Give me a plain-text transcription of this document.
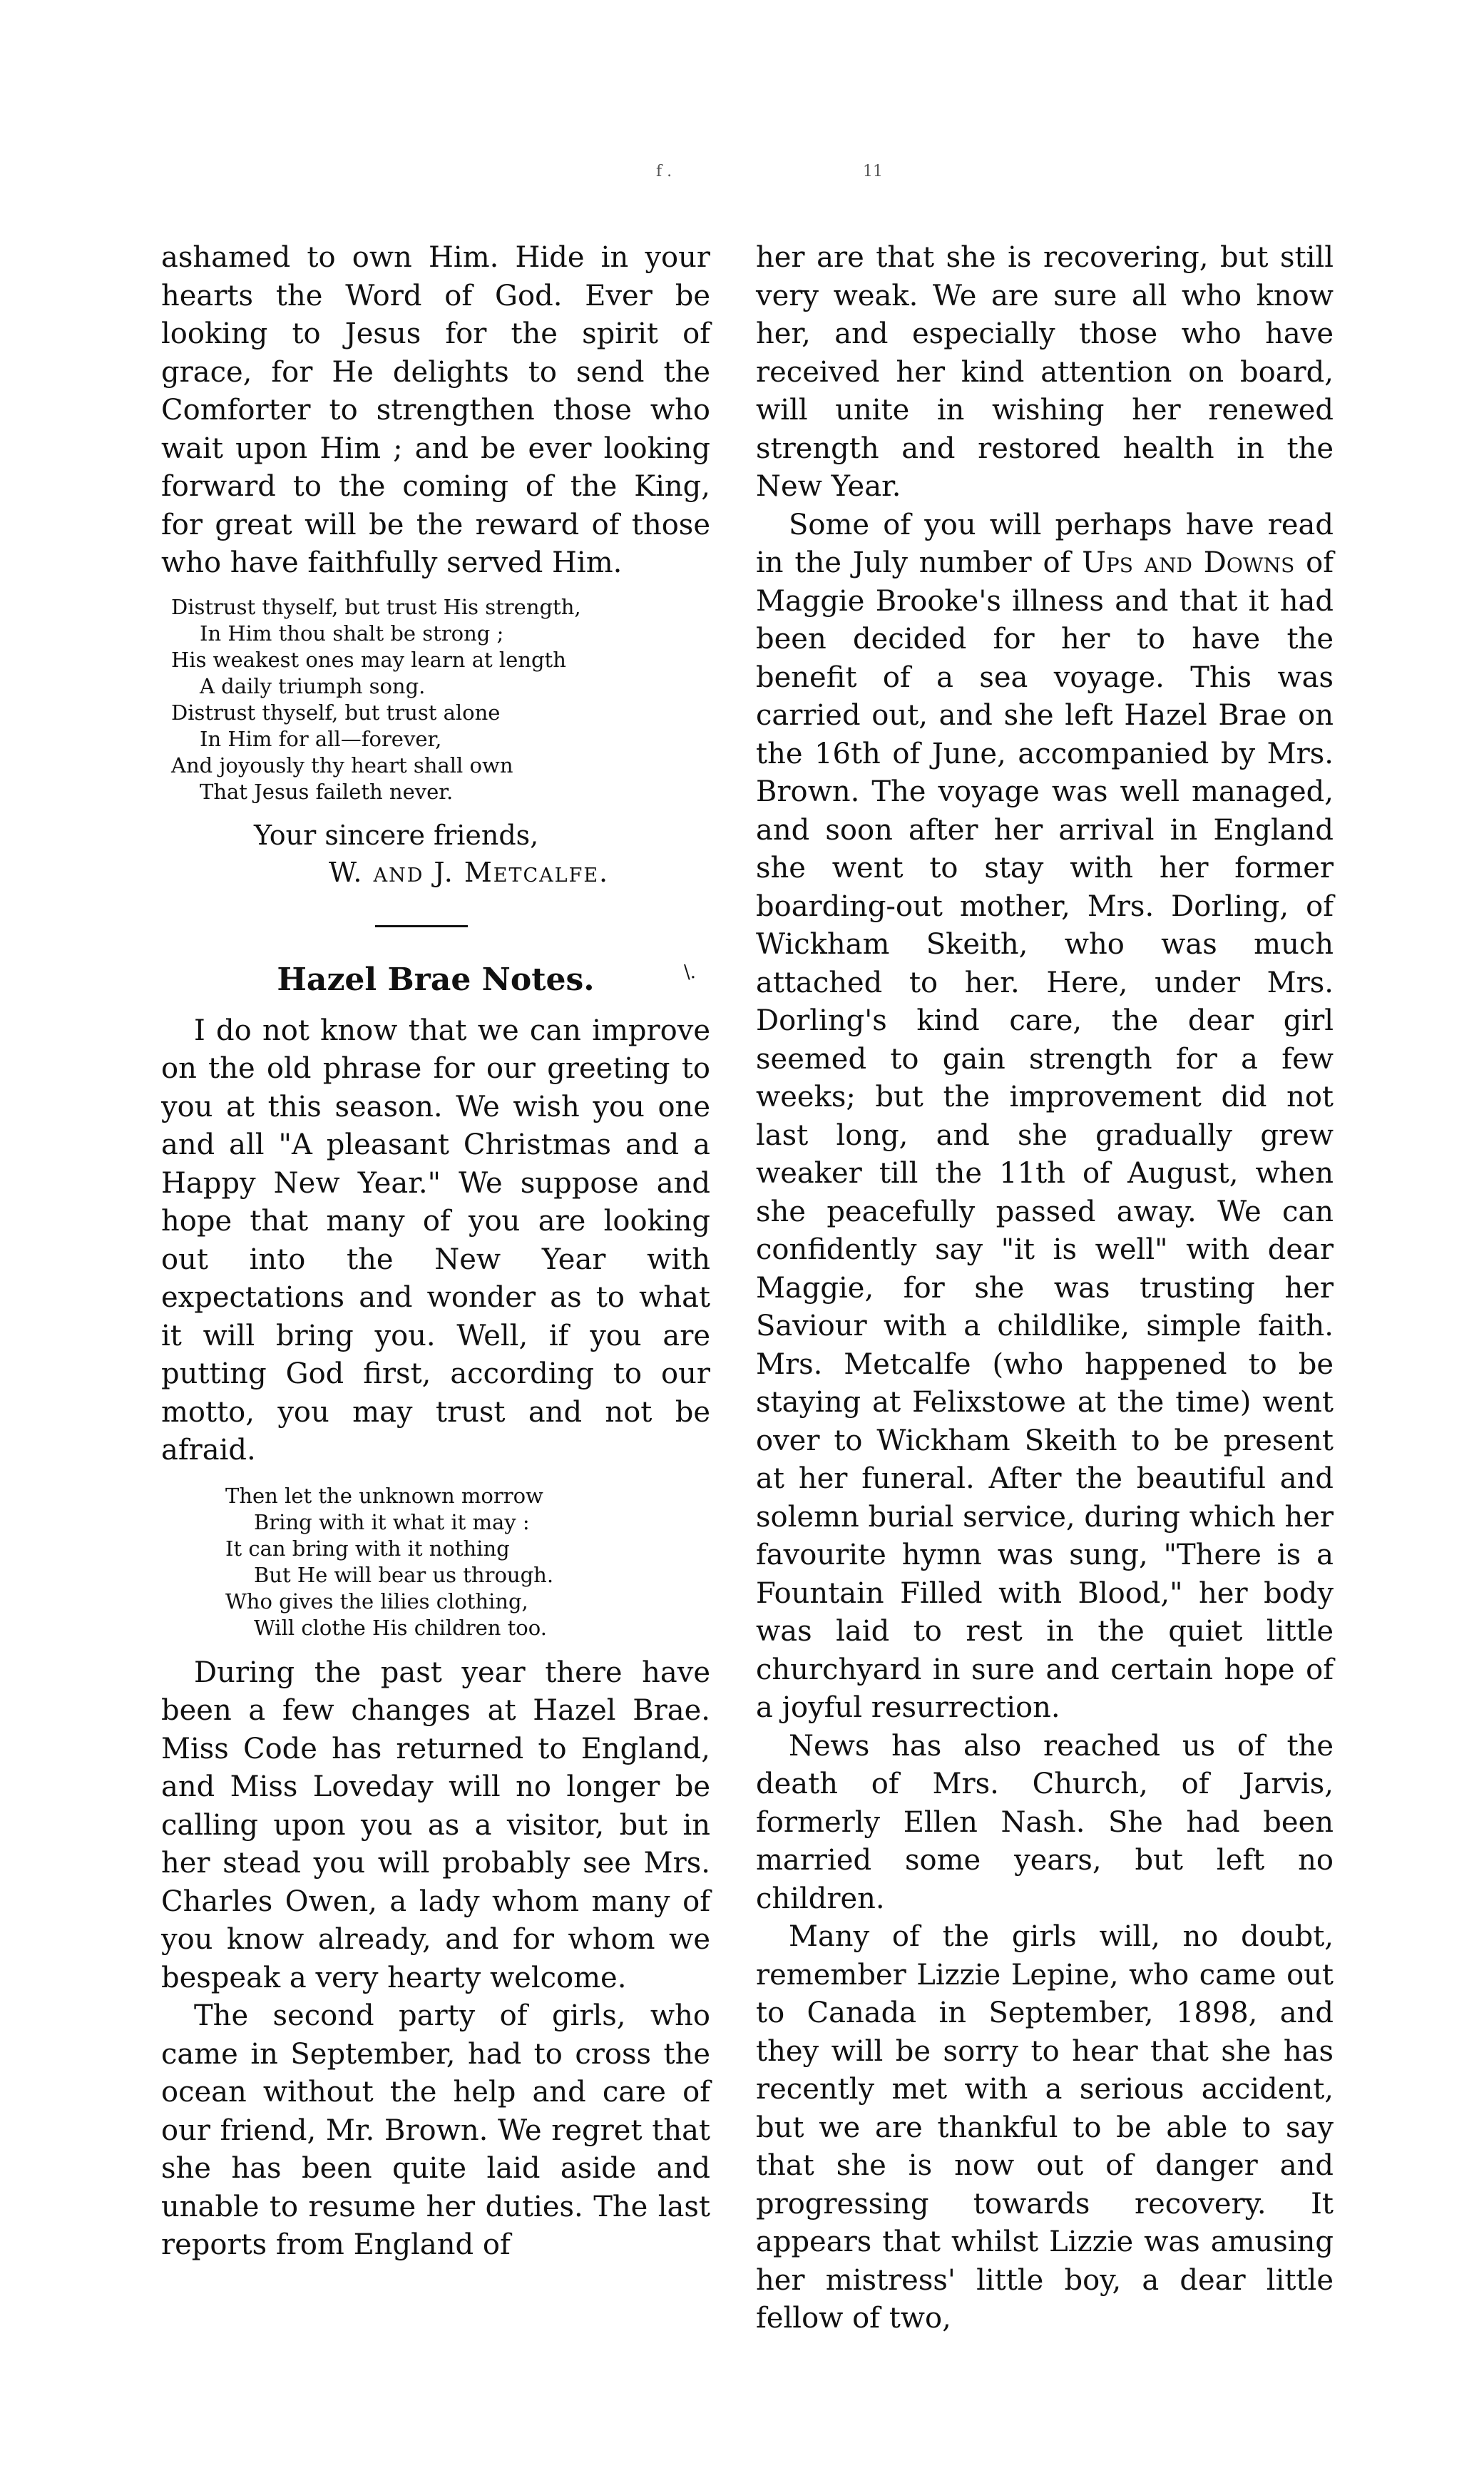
f .	11

ashamed to own Him. Hide in your hearts the Word of God. Ever be looking to Jesus for the spirit of grace, for He delights to send the Comforter to strengthen those who wait upon Him ; and be ever looking forward to the coming of the King, for great will be the reward of those who have faithfully served Him.

Distrust thyself, but trust His strength,
In Him thou shalt be strong ;
His weakest ones may learn at length
A daily triumph song.
Distrust thyself, but trust alone
In Him for all—forever,
And joyously thy heart shall own
That Jesus faileth never.
Your sincere friends,
W. and J. Metcalfe.
Hazel Brae Notes.	\.

I do not know that we can improve on the old phrase for our greeting to you at this season. We wish you one and all "A pleasant Christmas and a Happy New Year." We suppose and hope that many of you are looking out into the New Year with expectations and wonder as to what it will bring you. Well, if you are putting God first, according to our motto, you may trust and not be afraid.

Then let the unknown morrow
Bring with it what it may :
It can bring with it nothing
But He will bear us through.
Who gives the lilies clothing,
Will clothe His children too.

During the past year there have been a few changes at Hazel Brae. Miss Code has returned to England, and Miss Loveday will no longer be calling upon you as a visitor, but in her stead you will probably see Mrs. Charles Owen, a lady whom many of you know already, and for whom we bespeak a very hearty welcome.

The second party of girls, who came in September, had to cross the ocean without the help and care of our friend, Mr. Brown. We regret that she has been quite laid aside and unable to resume her duties. The last reports from England of

her are that she is recovering, but still very weak. We are sure all who know her, and especially those who have received her kind attention on board, will unite in wishing her renewed strength and restored health in the New Year.

Some of you will perhaps have read in the July number of Ups and Downs of Maggie Brooke's illness and that it had been decided for her to have the benefit of a sea voyage. This was carried out, and she left Hazel Brae on the 16th of June, accompanied by Mrs. Brown. The voyage was well managed, and soon after her arrival in England she went to stay with her former boarding-out mother, Mrs. Dorling, of Wickham Skeith, who was much attached to her. Here, under Mrs. Dorling's kind care, the dear girl seemed to gain strength for a few weeks; but the improvement did not last long, and she gradually grew weaker till the 11th of August, when she peacefully passed away. We can confidently say "it is well" with dear Maggie, for she was trusting her Saviour with a childlike, simple faith. Mrs. Metcalfe (who happened to be staying at Felixstowe at the time) went over to Wickham Skeith to be present at her funeral. After the beautiful and solemn burial service, during which her favourite hymn was sung, "There is a Fountain Filled with Blood," her body was laid to rest in the quiet little churchyard in sure and certain hope of a joyful resurrection.

News has also reached us of the death of Mrs. Church, of Jarvis, formerly Ellen Nash. She had been married some years, but left no children.

Many of the girls will, no doubt, remember Lizzie Lepine, who came out to Canada in September, 1898, and they will be sorry to hear that she has recently met with a serious accident, but we are thankful to be able to say that she is now out of danger and progressing towards recovery. It appears that whilst Lizzie was amusing her mistress' little boy, a dear little fellow of two,
